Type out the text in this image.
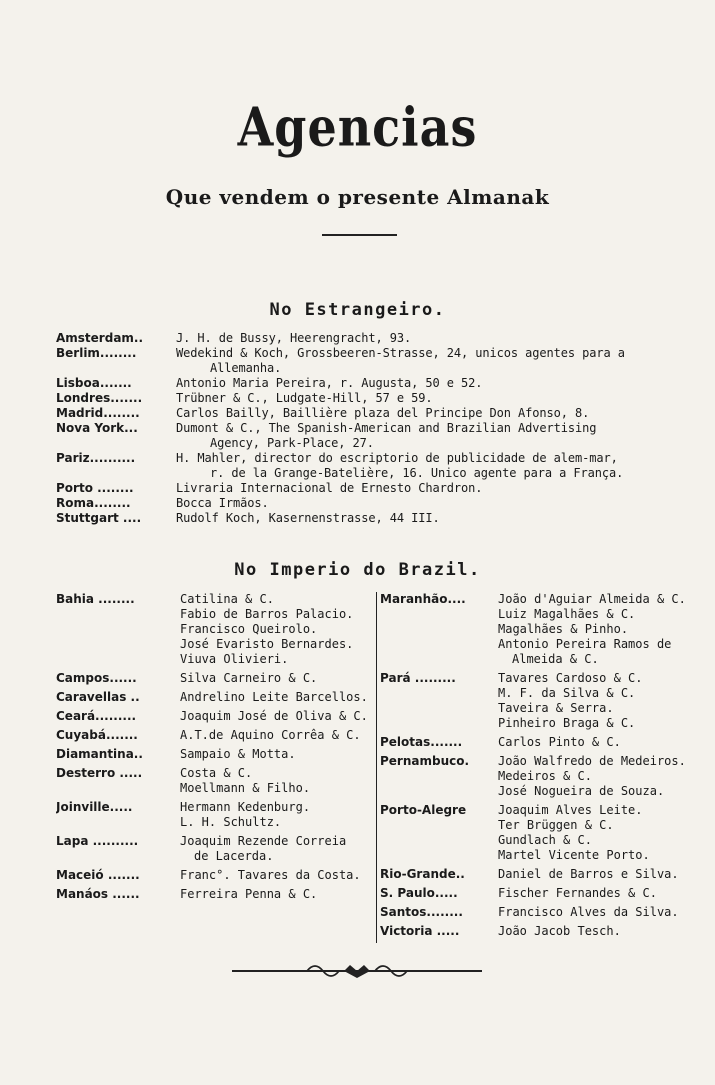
Agencias
Que vendem o presente Almanak
No Estrangeiro.
Amsterdam..	J. H. de Bussy, Heerengracht, 93.
Berlim........	Wedekind & Koch, Grossbeeren-Strasse, 24, unicos agentes para a
Allemanha.
Lisboa.......	Antonio Maria Pereira, r. Augusta, 50 e 52.
Londres.......	Trübner & C., Ludgate-Hill, 57 e 59.
Madrid........	Carlos Bailly, Baillière plaza del Principe Don Afonso, 8.
Nova York...	Dumont & C., The Spanish-American and Brazilian Advertising
Agency, Park-Place, 27.
Pariz..........	H. Mahler, director do escriptorio de publicidade de alem-mar,
r. de la Grange-Batelière, 16. Unico agente para a França.
Porto ........	Livraria Internacional de Ernesto Chardron.
Roma........	Bocca Irmãos.
Stuttgart ....	Rudolf Koch, Kasernenstrasse, 44 III.
No Imperio do Brazil.
Bahia ........	Catilina & C.
Fabio de Barros Palacio.
Francisco Queirolo.
José Evaristo Bernardes.
Viuva Olivieri.
Campos......	Silva Carneiro & C.
Caravellas ..	Andrelino Leite Barcellos.
Ceará.........	Joaquim José de Oliva & C.
Cuyabá.......	A.T.de Aquino Corrêa & C.
Diamantina..	Sampaio & Motta.
Desterro .....	Costa & C.
Moellmann & Filho.
Joinville.....	Hermann Kedenburg.
L. H. Schultz.
Lapa ..........	Joaquim Rezende Correia
de Lacerda.
Maceió .......	Franc°. Tavares da Costa.
Manáos ......	Ferreira Penna & C.
Maranhão....	João d'Aguiar Almeida & C.
Luiz Magalhães & C.
Magalhães & Pinho.
Antonio Pereira Ramos de
Almeida & C.
Pará .........	Tavares Cardoso & C.
M. F. da Silva & C.
Taveira & Serra.
Pinheiro Braga & C.
Pelotas.......	Carlos Pinto & C.
Pernambuco.	João Walfredo de Medeiros.
Medeiros & C.
José Nogueira de Souza.
Porto-Alegre	Joaquim Alves Leite.
Ter Brüggen & C.
Gundlach & C.
Martel Vicente Porto.
Rio-Grande..	Daniel de Barros e Silva.
S. Paulo.....	Fischer Fernandes & C.
Santos........	Francisco Alves da Silva.
Victoria .....	João Jacob Tesch.
